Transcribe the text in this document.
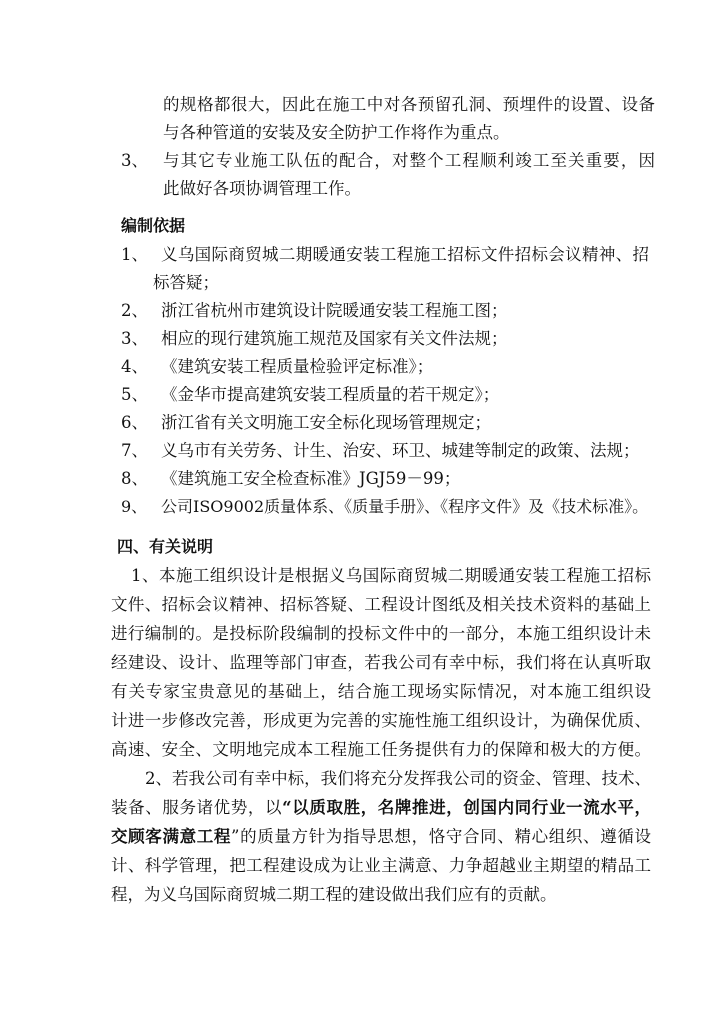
的规格都很大，因此在施工中对各预留孔洞、预埋件的设置、设备
与各种管道的安装及安全防护工作将作为重点。
3、 与其它专业施工队伍的配合，对整个工程顺利竣工至关重要，因
此做好各项协调管理工作。
编制依据
1、 义乌国际商贸城二期暖通安装工程施工招标文件招标会议精神、招
标答疑；
2、 浙江省杭州市建筑设计院暖通安装工程施工图；
3、 相应的现行建筑施工规范及国家有关文件法规；
4、 《建筑安装工程质量检验评定标准》；
5、 《金华市提高建筑安装工程质量的若干规定》；
6、 浙江省有关文明施工安全标化现场管理规定；
7、 义乌市有关劳务、计生、治安、环卫、城建等制定的政策、法规；
8、 《建筑施工安全检查标准》JGJ59－99；
9、 公司ISO9002质量体系、《质量手册》、《程序文件》及《技术标准》。
四、有关说明
1、本施工组织设计是根据义乌国际商贸城二期暖通安装工程施工招标
文件、招标会议精神、招标答疑、工程设计图纸及相关技术资料的基础上
进行编制的。是投标阶段编制的投标文件中的一部分，本施工组织设计未
经建设、设计、监理等部门审查，若我公司有幸中标，我们将在认真听取
有关专家宝贵意见的基础上，结合施工现场实际情况，对本施工组织设
计进一步修改完善，形成更为完善的实施性施工组织设计，为确保优质、
高速、安全、文明地完成本工程施工任务提供有力的保障和极大的方便。
2、若我公司有幸中标，我们将充分发挥我公司的资金、管理、技术、
装备、服务诸优势，以“以质取胜，名牌推进，创国内同行业一流水平，
交顾客满意工程”的质量方针为指导思想，恪守合同、精心组织、遵循设
计、科学管理，把工程建设成为让业主满意、力争超越业主期望的精品工
程，为义乌国际商贸城二期工程的建设做出我们应有的贡献。
